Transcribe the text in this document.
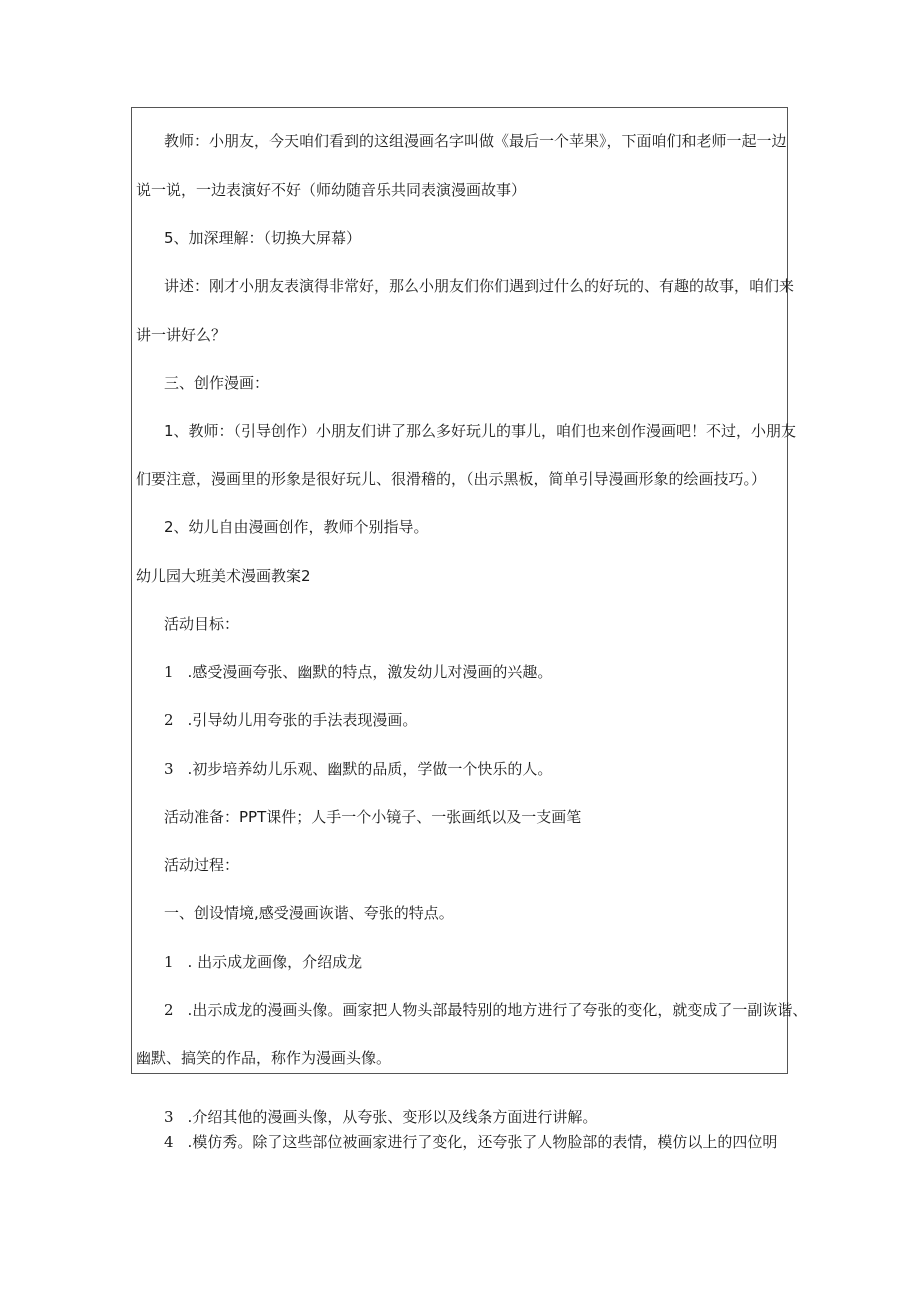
教师：小朋友，今天咱们看到的这组漫画名字叫做《最后一个苹果》，下面咱们和老师一起一边
说一说，一边表演好不好（师幼随音乐共同表演漫画故事）
5、加深理解：（切换大屏幕）
讲述：刚才小朋友表演得非常好，那么小朋友们你们遇到过什么的好玩的、有趣的故事，咱们来
讲一讲好么？
三、创作漫画：
1、教师：（引导创作）小朋友们讲了那么多好玩儿的事儿，咱们也来创作漫画吧！不过，小朋友
们要注意，漫画里的形象是很好玩儿、很滑稽的，（出示黑板，简单引导漫画形象的绘画技巧。）
2、幼儿自由漫画创作，教师个别指导。
幼儿园大班美术漫画教案2
活动目标：
1 .感受漫画夸张、幽默的特点，激发幼儿对漫画的兴趣。
2 .引导幼儿用夸张的手法表现漫画。
3 .初步培养幼儿乐观、幽默的品质，学做一个快乐的人。
活动准备：PPT课件；人手一个小镜子、一张画纸以及一支画笔
活动过程：
一、创设情境,感受漫画诙谐、夸张的特点。
1 . 出示成龙画像，介绍成龙
2 .出示成龙的漫画头像。画家把人物头部最特别的地方进行了夸张的变化，就变成了一副诙谐、
幽默、搞笑的作品，称作为漫画头像。
3 .介绍其他的漫画头像，从夸张、变形以及线条方面进行讲解。
4 .模仿秀。除了这些部位被画家进行了变化，还夸张了人物脸部的表情，模仿以上的四位明
